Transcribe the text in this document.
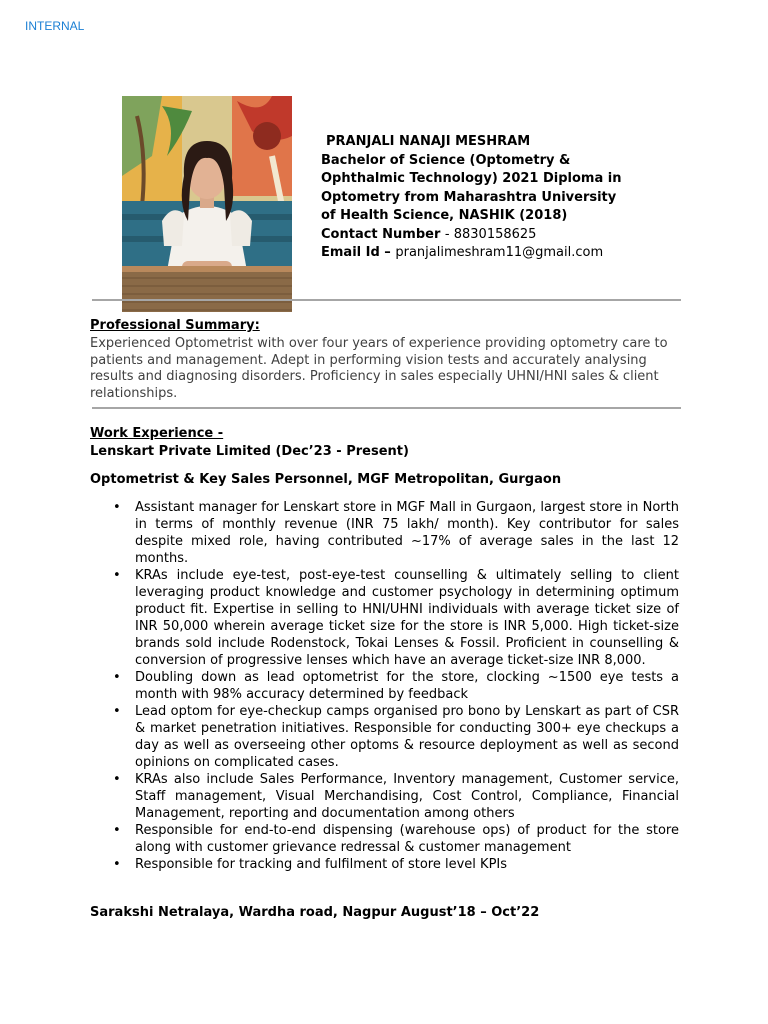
INTERNAL
PRANJALI NANAJI MESHRAM
Bachelor of Science (Optometry &
Ophthalmic Technology) 2021 Diploma in
Optometry from Maharashtra University
of Health Science, NASHIK (2018)
Contact Number - 8830158625
Email Id – pranjalimeshram11@gmail.com
Professional Summary:
Experienced Optometrist with over four years of experience providing optometry care to patients and management. Adept in performing vision tests and accurately analysing results and diagnosing disorders. Proficiency in sales especially UHNI/HNI sales & client relationships.
Work Experience -
Lenskart Private Limited (Dec’23 - Present)
Optometrist & Key Sales Personnel, MGF Metropolitan, Gurgaon
• Assistant manager for Lenskart store in MGF Mall in Gurgaon, largest store in North in terms of monthly revenue (INR 75 lakh/ month). Key contributor for sales despite mixed role, having contributed ~17% of average sales in the last 12 months.
• KRAs include eye-test, post-eye-test counselling & ultimately selling to client leveraging product knowledge and customer psychology in determining optimum product fit. Expertise in selling to HNI/UHNI individuals with average ticket size of INR 50,000 wherein average ticket size for the store is INR 5,000. High ticket-size brands sold include Rodenstock, Tokai Lenses & Fossil. Proficient in counselling & conversion of progressive lenses which have an average ticket-size INR 8,000.
• Doubling down as lead optometrist for the store, clocking ~1500 eye tests a month with 98% accuracy determined by feedback
• Lead optom for eye-checkup camps organised pro bono by Lenskart as part of CSR & market penetration initiatives. Responsible for conducting 300+ eye checkups a day as well as overseeing other optoms & resource deployment as well as second opinions on complicated cases.
• KRAs also include Sales Performance, Inventory management, Customer service, Staff management, Visual Merchandising, Cost Control, Compliance, Financial Management, reporting and documentation among others
• Responsible for end-to-end dispensing (warehouse ops) of product for the store along with customer grievance redressal & customer management
• Responsible for tracking and fulfilment of store level KPIs
Sarakshi Netralaya, Wardha road, Nagpur August’18 – Oct’22
